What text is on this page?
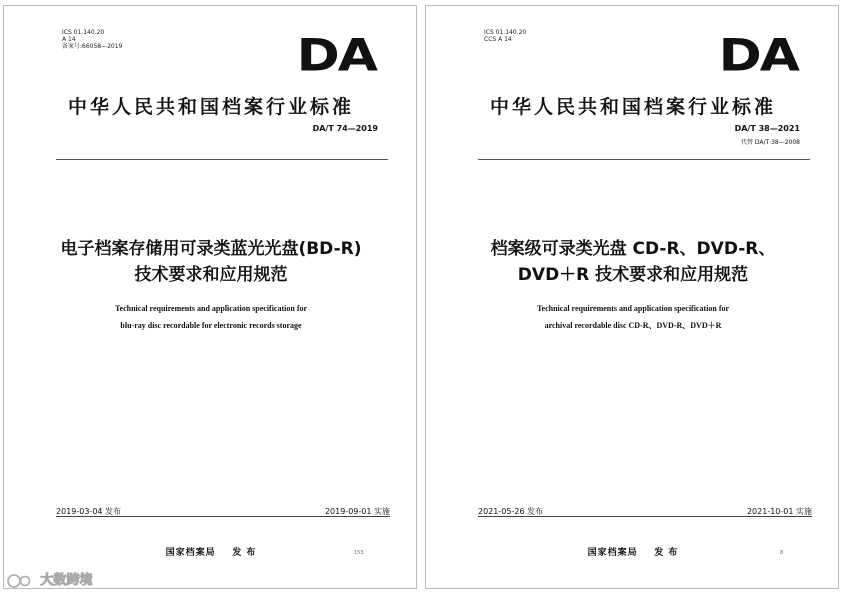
ICS 01.140.20
A 14
备案号:66058—2019	DA
中华人民共和国档案行业标准
DA/T 74—2019
电子档案存储用可录类蓝光光盘(BD-R)
技术要求和应用规范
Technical requirements and application specification for
blu-ray disc recordable for electronic records storage
2019-03-04 发布	2019-09-01 实施
国家档案局    发 布	153
ICS 01.140.20
CCS A 14	DA
中华人民共和国档案行业标准
DA/T 38—2021
代替 DA/T 38—2008
档案级可录类光盘 CD-R、DVD-R、
DVD＋R 技术要求和应用规范
Technical requirements and application specification for
archival recordable disc CD-R、DVD-R、DVD＋R
2021-05-26 发布	2021-10-01 实施
国家档案局    发 布	8
大数跨境
